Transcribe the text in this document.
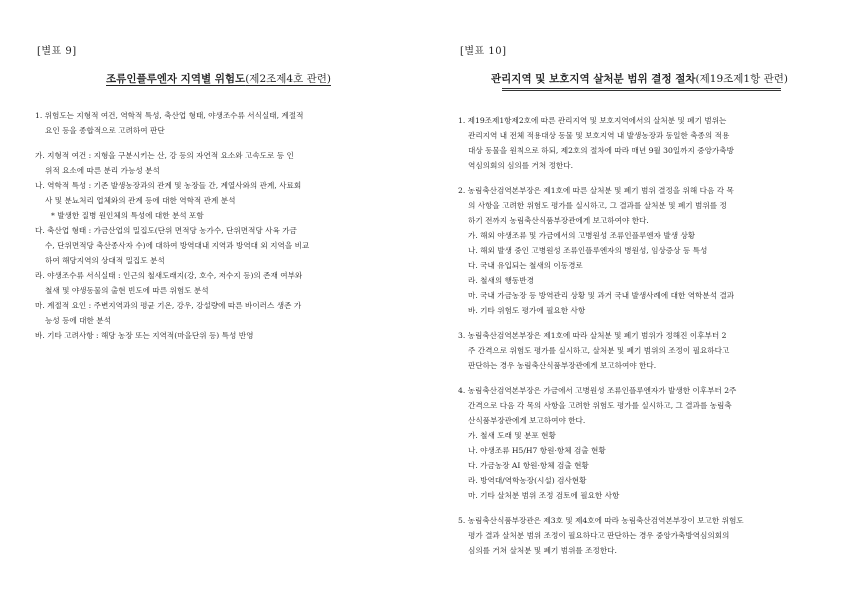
[별표 9]
조류인플루엔자 지역별 위험도(제2조제4호 관련)

1. 위험도는 지형적 여건, 역학적 특성, 축산업 형태, 야생조수류 서식실태, 계절적

요인 등을 종합적으로 고려하여 판단

가. 지형적 여건 : 지형을 구분시키는 산, 강 등의 자연적 요소와 고속도로 등 인

위적 요소에 따른 분리 가능성 분석

나. 역학적 특성 : 기존 발생농장과의 관계 및 농장들 간, 계열사와의 관계, 사료회

사 및 분뇨처리 업체와의 관계 등에 대한 역학적 관계 분석

* 발생한 질병 원인체의 특성에 대한 분석 포함

다. 축산업 형태 : 가금산업의 밀집도(단위 면적당 농가수, 단위면적당 사육 가금

수, 단위면적당 축산종사자 수)에 대하여 방역대내 지역과 방역대 외 지역을 비교

하여 해당지역의 상대적 밀집도 분석

라. 야생조수류 서식실태 : 인근의 철새도래지(강, 호수, 저수지 등)의 존재 여부와

철새 및 야생동물의 출현 빈도에 따른 위험도 분석

마. 계절적 요인 : 주변지역과의 평균 기온, 강우, 강설량에 따른 바이러스 생존 가

능성 등에 대한 분석

바. 기타 고려사항 : 해당 농장 또는 지역적(마을단위 등) 특성 반영

[별표 10]
관리지역 및 보호지역 살처분 범위 결정 절차(제19조제1항 관련)

1. 제19조제1항제2호에 따른 관리지역 및 보호지역에서의 살처분 및 폐기 범위는

관리지역 내 전체 적용대상 동물 및 보호지역 내 발생농장과 동일한 축종의 적용

대상 동물을 원칙으로 하되, 제2호의 절차에 따라 매년 9월 30일까지 중앙가축방

역심의회의 심의를 거쳐 정한다.

2. 농림축산검역본부장은 제1호에 따른 살처분 및 폐기 범위 결정을 위해 다음 각 목

의 사항을 고려한 위험도 평가를 실시하고, 그 결과를 살처분 및 폐기 범위를 정

하기 전까지 농림축산식품부장관에게 보고하여야 한다.

가. 해외 야생조류 및 가금에서의 고병원성 조류인플루엔자 발생 상황

나. 해외 발생 중인 고병원성 조류인플루엔자의 병원성, 임상증상 등 특성

다. 국내 유입되는 철새의 이동경로

라. 철새의 행동반경

마. 국내 가금농장 등 방역관리 상황 및 과거 국내 발생사례에 대한 역학분석 결과

바. 기타 위험도 평가에 필요한 사항

3. 농림축산검역본부장은 제1호에 따라 살처분 및 폐기 범위가 정해진 이후부터 2

주 간격으로 위험도 평가를 실시하고, 살처분 및 폐기 범위의 조정이 필요하다고

판단하는 경우 농림축산식품부장관에게 보고하여야 한다.

4. 농림축산검역본부장은 가금에서 고병원성 조류인플루엔자가 발생한 이후부터 2주

간격으로 다음 각 목의 사항을 고려한 위험도 평가를 실시하고, 그 결과를 농림축

산식품부장관에게 보고하여야 한다.

가. 철새 도래 및 분포 현황

나. 야생조류 H5/H7 항원·항체 검출 현황

다. 가금농장 AI 항원·항체 검출 현황

라. 방역대/역학농장(시설) 검사현황

마. 기타 살처분 범위 조정 검토에 필요한 사항

5. 농림축산식품부장관은 제3호 및 제4호에 따라 농림축산검역본부장이 보고한 위험도

평가 결과 살처분 범위 조정이 필요하다고 판단하는 경우 중앙가축방역심의회의

심의를 거쳐 살처분 및 폐기 범위를 조정한다.
